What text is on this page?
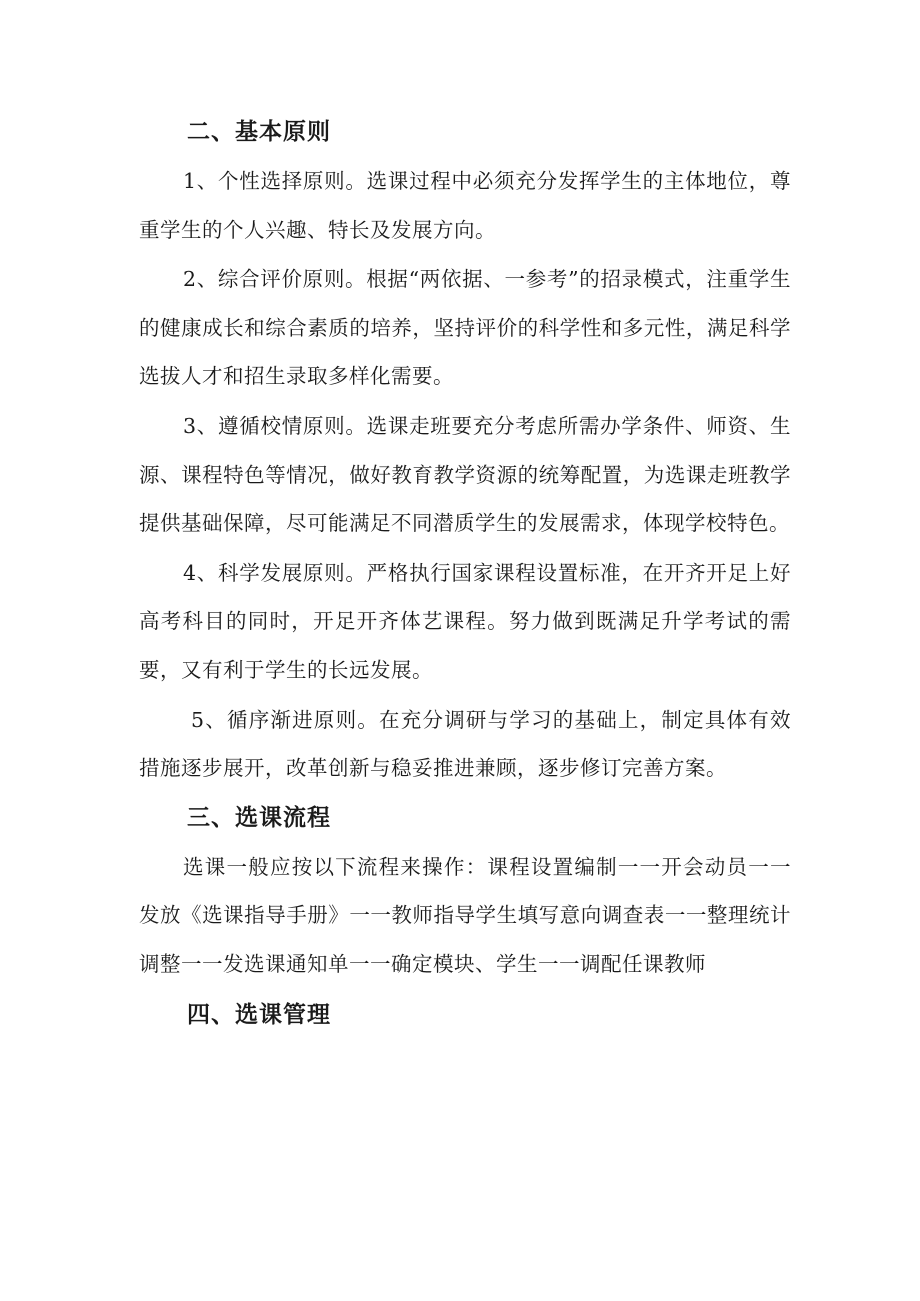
二、基本原则

1、个性选择原则。选课过程中必须充分发挥学生的主体地位，尊重学生的个人兴趣、特长及发展方向。

2、综合评价原则。根据“两依据、一参考”的招录模式，注重学生的健康成长和综合素质的培养，坚持评价的科学性和多元性，满足科学选拔人才和招生录取多样化需要。

3、遵循校情原则。选课走班要充分考虑所需办学条件、师资、生源、课程特色等情况，做好教育教学资源的统筹配置，为选课走班教学提供基础保障，尽可能满足不同潜质学生的发展需求，体现学校特色。

4、科学发展原则。严格执行国家课程设置标准，在开齐开足上好高考科目的同时，开足开齐体艺课程。努力做到既满足升学考试的需要，又有利于学生的长远发展。

5、循序渐进原则。在充分调研与学习的基础上，制定具体有效措施逐步展开，改革创新与稳妥推进兼顾，逐步修订完善方案。

三、选课流程

选课一般应按以下流程来操作：课程设置编制一一开会动员一一发放《选课指导手册》一一教师指导学生填写意向调查表一一整理统计调整一一发选课通知单一一确定模块、学生一一调配任课教师

四、选课管理
